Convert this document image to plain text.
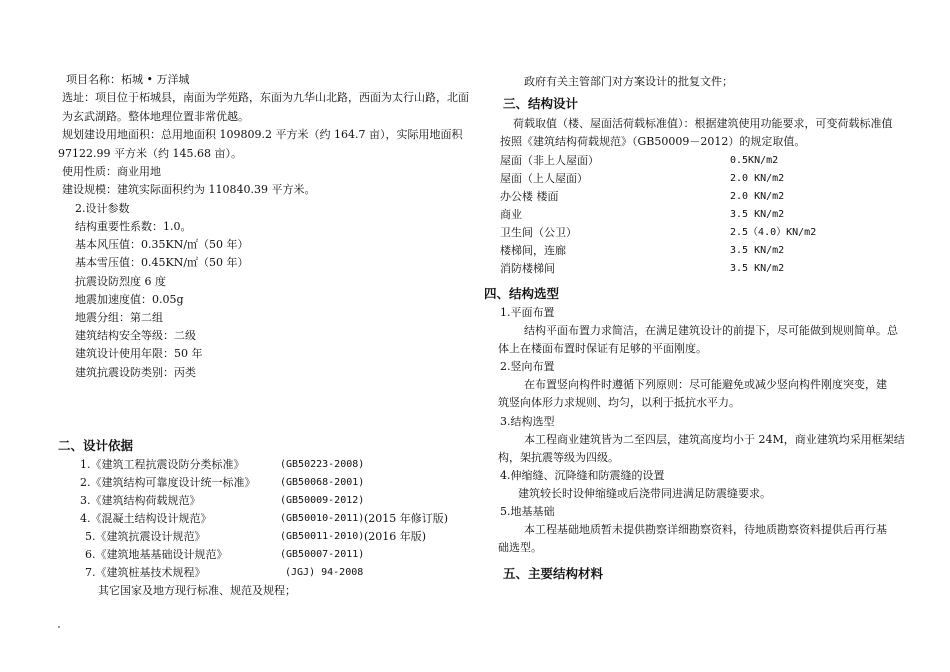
项目名称：柘城 • 万洋城
选址：项目位于柘城县，南面为学苑路，东面为九华山北路，西面为太行山路，北面
为玄武湖路。整体地理位置非常优越。
规划建设用地面积：总用地面积 109809.2 平方米（约 164.7 亩），实际用地面积
97122.99 平方米（约 145.68 亩）。
使用性质：商业用地
建设规模：建筑实际面积约为 110840.39 平方米。
2.设计参数
结构重要性系数：1.0。
基本风压值：0.35KN/㎡（50 年）
基本雪压值：0.45KN/㎡（50 年）
抗震设防烈度 6 度
地震加速度值：0.05g
地震分组：第二组
建筑结构安全等级：二级
建筑设计使用年限：50 年
建筑抗震设防类别：丙类
二、设计依据
1.《建筑工程抗震设防分类标准》	(GB50223-2008)
2.《建筑结构可靠度设计统一标准》 (GB50068-2001)
3.《建筑结构荷载规范》	(GB50009-2012)
4.《混凝土结构设计规范》	(GB50010-2011) (2015 年修订版)
5.《建筑抗震设计规范》	(GB50011-2010) (2016 年版)
6.《建筑地基基础设计规范》	(GB50007-2011)
7.《建筑桩基技术规程》	(JGJ) 94-2008
其它国家及地方现行标准、规范及规程；
政府有关主管部门对方案设计的批复文件；
三、结构设计
荷载取值（楼、屋面活荷载标准值）：根据建筑使用功能要求，可变荷载标准值
按照《建筑结构荷载规范》（GB50009－2012）的规定取值。
屋面（非上人屋面）	0.5KN/m2
屋面（上人屋面）	2.0 KN/m2
办公楼 楼面	2.0 KN/m2
商业	3.5 KN/m2
卫生间（公卫）	2.5（4.0）KN/m2
楼梯间，连廊	3.5 KN/m2
消防楼梯间	3.5 KN/m2
四、结构选型
1.平面布置
结构平面布置力求简洁，在满足建筑设计的前提下，尽可能做到规则简单。总
体上在楼面布置时保证有足够的平面刚度。
2.竖向布置
在布置竖向构件时遵循下列原则：尽可能避免或减少竖向构件刚度突变，建
筑竖向体形力求规则、均匀，以利于抵抗水平力。
3.结构选型
本工程商业建筑皆为二至四层，建筑高度均小于 24M，商业建筑均采用框架结
构，架抗震等级为四级。
4.伸缩缝、沉降缝和防震缝的设置
建筑较长时设伸缩缝或后浇带同进满足防震缝要求。
5.地基基础
本工程基础地质暂未提供勘察详细勘察资料，待地质勘察资料提供后再行基
础选型。
五、主要结构材料
